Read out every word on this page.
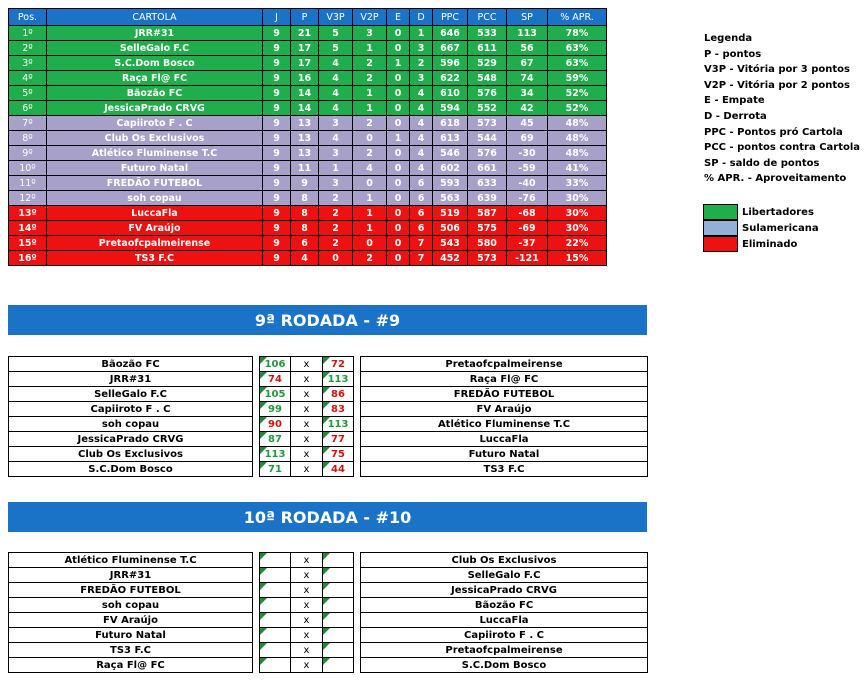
Pos.	CARTOLA	J	P	V3P	V2P	E	D	PPC	PCC	SP	% APR.
1º	JRR#31	9	21	5	3	0	1	646	533	113	78%
2º	SelleGalo F.C	9	17	5	1	0	3	667	611	56	63%
3º	S.C.Dom Bosco	9	17	4	2	1	2	596	529	67	63%
4º	Raça Fl@ FC	9	16	4	2	0	3	622	548	74	59%
5º	Bãozão FC	9	14	4	1	0	4	610	576	34	52%
6º	JessicaPrado CRVG	9	14	4	1	0	4	594	552	42	52%
7º	Capiiroto F . C	9	13	3	2	0	4	618	573	45	48%
8º	Club Os Exclusivos	9	13	4	0	1	4	613	544	69	48%
9º	Atlético Fluminense T.C	9	13	3	2	0	4	546	576	-30	48%
10º	Futuro Natal	9	11	1	4	0	4	602	661	-59	41%
11º	FREDÃO FUTEBOL	9	9	3	0	0	6	593	633	-40	33%
12º	soh copau	9	8	2	1	0	6	563	639	-76	30%
13º	LuccaFla	9	8	2	1	0	6	519	587	-68	30%
14º	FV Araújo	9	8	2	1	0	6	506	575	-69	30%
15º	Pretaofcpalmeirense	9	6	2	0	0	7	543	580	-37	22%
16º	TS3 F.C	9	4	0	2	0	7	452	573	-121	15%
Legenda
P - pontos
V3P - Vitória por 3 pontos
V2P - Vitória por 2 pontos
E - Empate
D - Derrota
PPC - Pontos pró Cartola
PCC - pontos contra Cartola
SP - saldo de pontos
% APR. - Aproveitamento
Libertadores
Sulamericana
Eliminado
9ª RODADA - #9
Bãozão FC		106	x	72		Pretaofcpalmeirense
JRR#31		74	x	113		Raça Fl@ FC
SelleGalo F.C		105	x	86		FREDÃO FUTEBOL
Capiiroto F . C		99	x	83		FV Araújo
soh copau		90	x	113		Atlético Fluminense T.C
JessicaPrado CRVG		87	x	77		LuccaFla
Club Os Exclusivos		113	x	75		Futuro Natal
S.C.Dom Bosco		71	x	44		TS3 F.C
10ª RODADA - #10
Atlético Fluminense T.C			x			Club Os Exclusivos
JRR#31			x			SelleGalo F.C
FREDÃO FUTEBOL			x			JessicaPrado CRVG
soh copau			x			Bãozão FC
FV Araújo			x			LuccaFla
Futuro Natal			x			Capiiroto F . C
TS3 F.C			x			Pretaofcpalmeirense
Raça Fl@ FC			x			S.C.Dom Bosco
